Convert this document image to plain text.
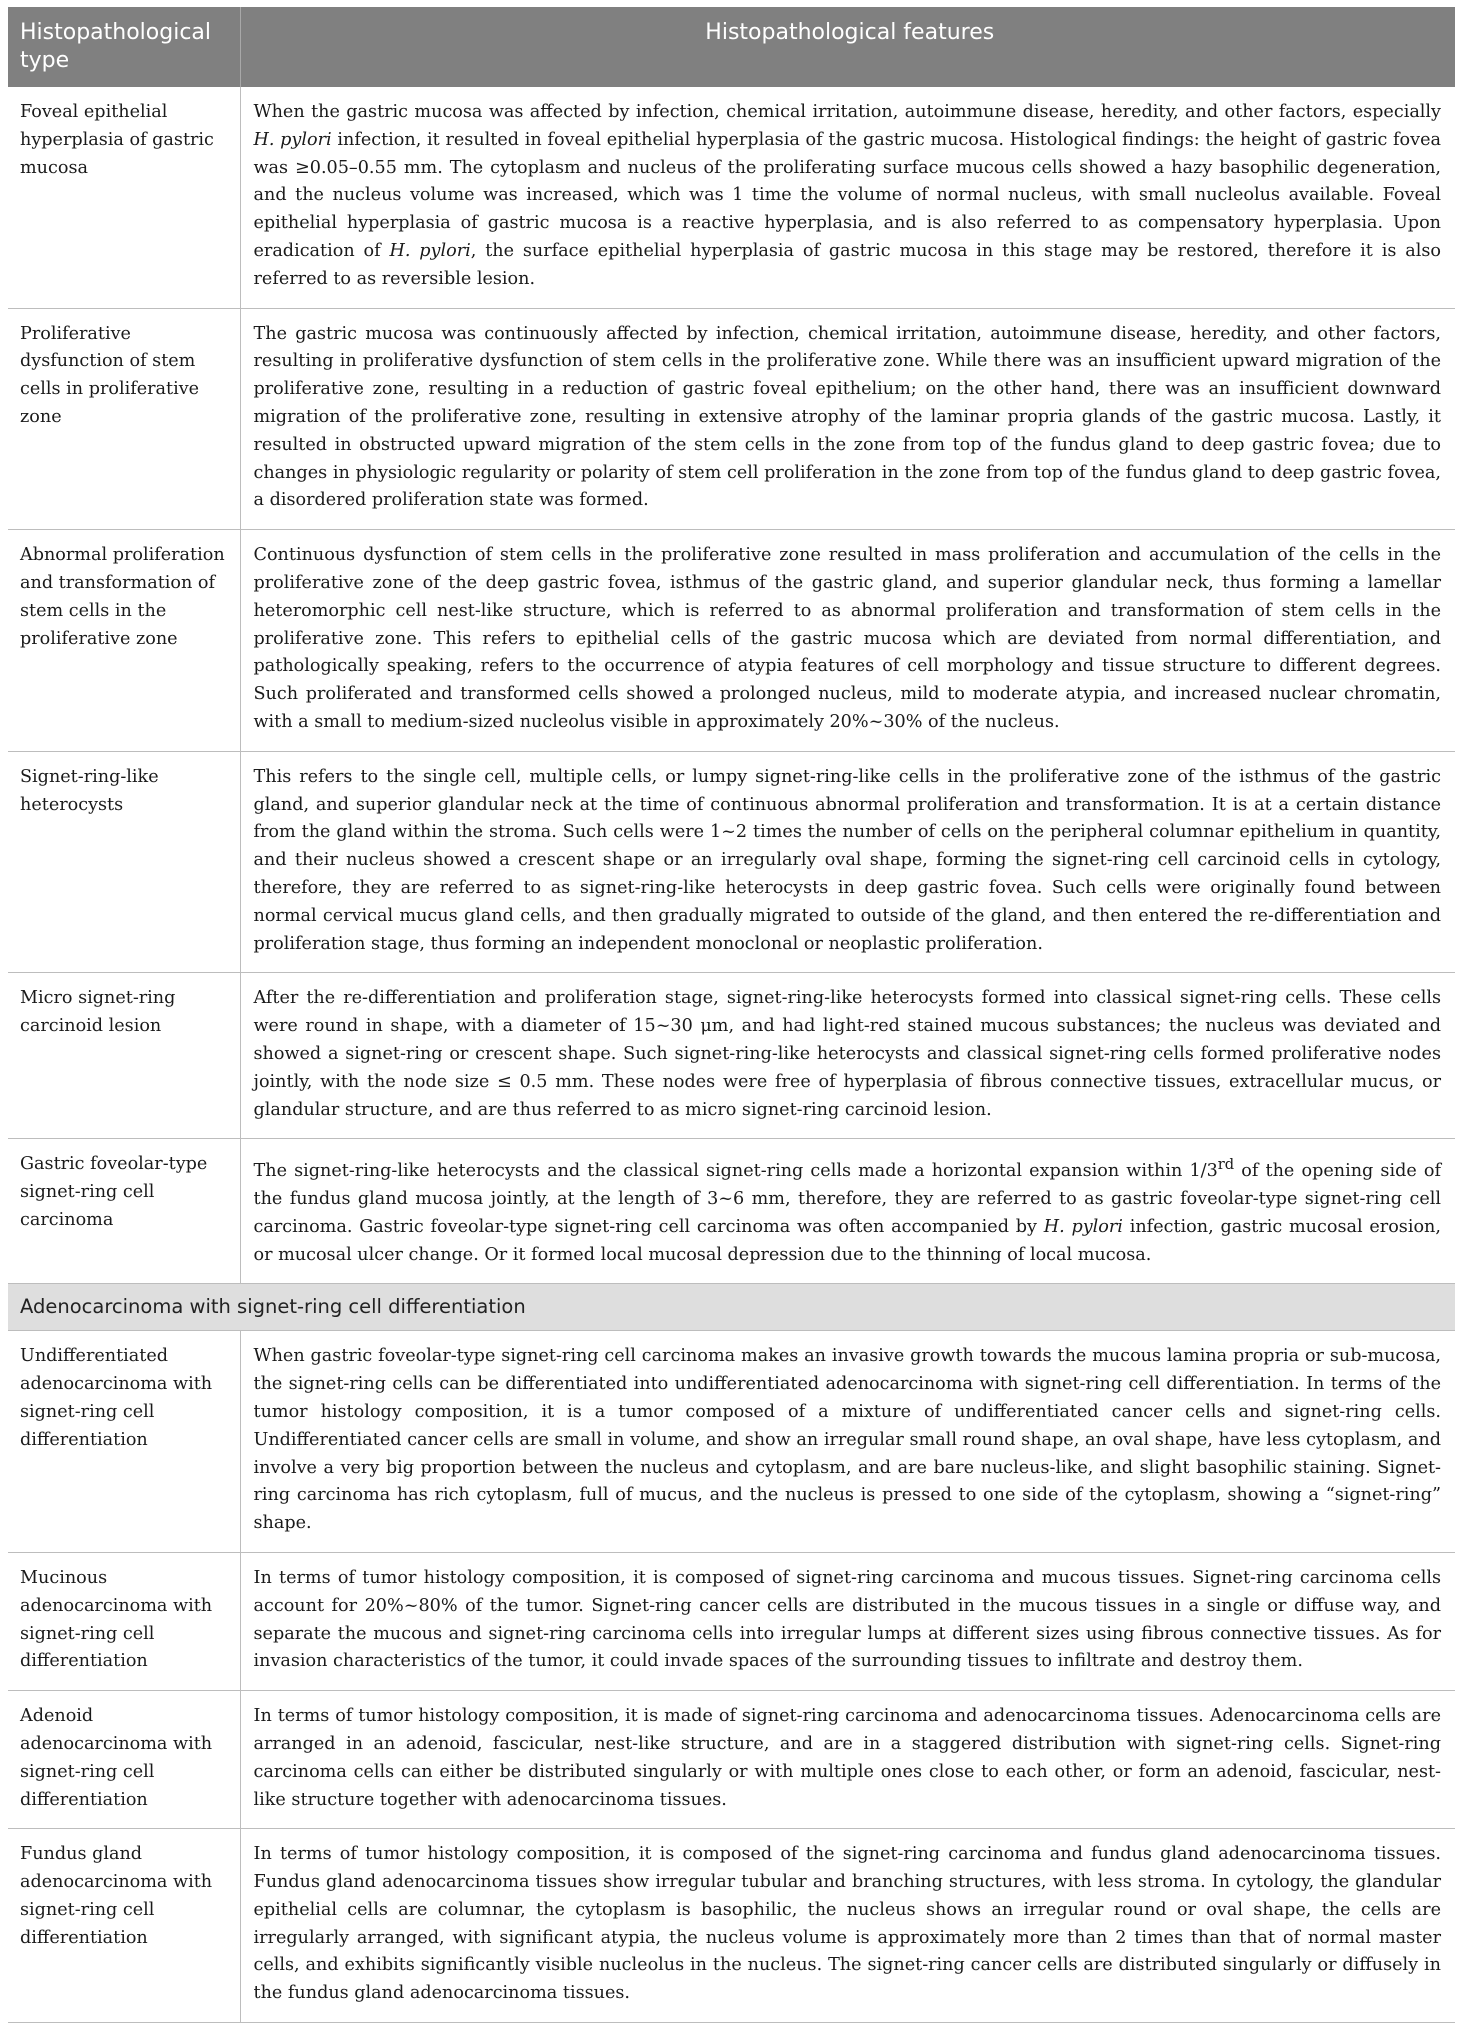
Histopathological type	Histopathological features
Foveal epithelial hyperplasia of gastric mucosa	When the gastric mucosa was affected by infection, chemical irritation, autoimmune disease, heredity, and other factors, especially H. pylori infection, it resulted in foveal epithelial hyperplasia of the gastric mucosa. Histological findings: the height of gastric fovea was ≥0.05–0.55 mm. The cytoplasm and nucleus of the proliferating surface mucous cells showed a hazy basophilic degeneration, and the nucleus volume was increased, which was 1 time the volume of normal nucleus, with small nucleolus available. Foveal epithelial hyperplasia of gastric mucosa is a reactive hyperplasia, and is also referred to as compensatory hyperplasia. Upon eradication of H. pylori, the surface epithelial hyperplasia of gastric mucosa in this stage may be restored, therefore it is also referred to as reversible lesion.
Proliferative dysfunction of stem cells in proliferative zone	The gastric mucosa was continuously affected by infection, chemical irritation, autoimmune disease, heredity, and other factors, resulting in proliferative dysfunction of stem cells in the proliferative zone. While there was an insufficient upward migration of the proliferative zone, resulting in a reduction of gastric foveal epithelium; on the other hand, there was an insufficient downward migration of the proliferative zone, resulting in extensive atrophy of the laminar propria glands of the gastric mucosa. Lastly, it resulted in obstructed upward migration of the stem cells in the zone from top of the fundus gland to deep gastric fovea; due to changes in physiologic regularity or polarity of stem cell proliferation in the zone from top of the fundus gland to deep gastric fovea, a disordered proliferation state was formed.
Abnormal proliferation and transformation of stem cells in the proliferative zone	Continuous dysfunction of stem cells in the proliferative zone resulted in mass proliferation and accumulation of the cells in the proliferative zone of the deep gastric fovea, isthmus of the gastric gland, and superior glandular neck, thus forming a lamellar heteromorphic cell nest-like structure, which is referred to as abnormal proliferation and transformation of stem cells in the proliferative zone. This refers to epithelial cells of the gastric mucosa which are deviated from normal differentiation, and pathologically speaking, refers to the occurrence of atypia features of cell morphology and tissue structure to different degrees. Such proliferated and transformed cells showed a prolonged nucleus, mild to moderate atypia, and increased nuclear chromatin, with a small to medium-sized nucleolus visible in approximately 20%~30% of the nucleus.
Signet-ring-like heterocysts	This refers to the single cell, multiple cells, or lumpy signet-ring-like cells in the proliferative zone of the isthmus of the gastric gland, and superior glandular neck at the time of continuous abnormal proliferation and transformation. It is at a certain distance from the gland within the stroma. Such cells were 1~2 times the number of cells on the peripheral columnar epithelium in quantity, and their nucleus showed a crescent shape or an irregularly oval shape, forming the signet-ring cell carcinoid cells in cytology, therefore, they are referred to as signet-ring-like heterocysts in deep gastric fovea. Such cells were originally found between normal cervical mucus gland cells, and then gradually migrated to outside of the gland, and then entered the re-differentiation and proliferation stage, thus forming an independent monoclonal or neoplastic proliferation.
Micro signet-ring carcinoid lesion	After the re-differentiation and proliferation stage, signet-ring-like heterocysts formed into classical signet-ring cells. These cells were round in shape, with a diameter of 15~30 μm, and had light-red stained mucous substances; the nucleus was deviated and showed a signet-ring or crescent shape. Such signet-ring-like heterocysts and classical signet-ring cells formed proliferative nodes jointly, with the node size ≤ 0.5 mm. These nodes were free of hyperplasia of fibrous connective tissues, extracellular mucus, or glandular structure, and are thus referred to as micro signet-ring carcinoid lesion.
Gastric foveolar-type signet-ring cell carcinoma	The signet-ring-like heterocysts and the classical signet-ring cells made a horizontal expansion within 1/3rd of the opening side of the fundus gland mucosa jointly, at the length of 3~6 mm, therefore, they are referred to as gastric foveolar-type signet-ring cell carcinoma. Gastric foveolar-type signet-ring cell carcinoma was often accompanied by H. pylori infection, gastric mucosal erosion, or mucosal ulcer change. Or it formed local mucosal depression due to the thinning of local mucosa.
Adenocarcinoma with signet-ring cell differentiation	
Undifferentiated adenocarcinoma with signet-ring cell differentiation	When gastric foveolar-type signet-ring cell carcinoma makes an invasive growth towards the mucous lamina propria or sub-mucosa, the signet-ring cells can be differentiated into undifferentiated adenocarcinoma with signet-ring cell differentiation. In terms of the tumor histology composition, it is a tumor composed of a mixture of undifferentiated cancer cells and signet-ring cells. Undifferentiated cancer cells are small in volume, and show an irregular small round shape, an oval shape, have less cytoplasm, and involve a very big proportion between the nucleus and cytoplasm, and are bare nucleus-like, and slight basophilic staining. Signet-ring carcinoma has rich cytoplasm, full of mucus, and the nucleus is pressed to one side of the cytoplasm, showing a “signet-ring” shape.
Mucinous adenocarcinoma with signet-ring cell differentiation	In terms of tumor histology composition, it is composed of signet-ring carcinoma and mucous tissues. Signet-ring carcinoma cells account for 20%~80% of the tumor. Signet-ring cancer cells are distributed in the mucous tissues in a single or diffuse way, and separate the mucous and signet-ring carcinoma cells into irregular lumps at different sizes using fibrous connective tissues. As for invasion characteristics of the tumor, it could invade spaces of the surrounding tissues to infiltrate and destroy them.
Adenoid adenocarcinoma with signet-ring cell differentiation	In terms of tumor histology composition, it is made of signet-ring carcinoma and adenocarcinoma tissues. Adenocarcinoma cells are arranged in an adenoid, fascicular, nest-like structure, and are in a staggered distribution with signet-ring cells. Signet-ring carcinoma cells can either be distributed singularly or with multiple ones close to each other, or form an adenoid, fascicular, nest-like structure together with adenocarcinoma tissues.
Fundus gland adenocarcinoma with signet-ring cell differentiation	In terms of tumor histology composition, it is composed of the signet-ring carcinoma and fundus gland adenocarcinoma tissues. Fundus gland adenocarcinoma tissues show irregular tubular and branching structures, with less stroma. In cytology, the glandular epithelial cells are columnar, the cytoplasm is basophilic, the nucleus shows an irregular round or oval shape, the cells are irregularly arranged, with significant atypia, the nucleus volume is approximately more than 2 times than that of normal master cells, and exhibits significantly visible nucleolus in the nucleus. The signet-ring cancer cells are distributed singularly or diffusely in the fundus gland adenocarcinoma tissues.
